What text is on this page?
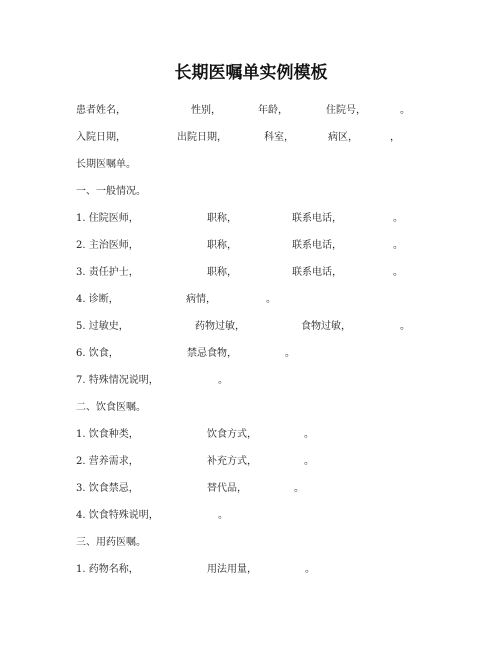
长期医嘱单实例模板
患者姓名，	性别，	年龄，	住院号，	。
入院日期，	出院日期，	科室，	病区，	，
长期医嘱单。
一、一般情况。
1. 住院医师，	职称，	联系电话，	。
2. 主治医师，	职称，	联系电话，	。
3. 责任护士，	职称，	联系电话，	。
4. 诊断，	病情，	。
5. 过敏史，	药物过敏，	食物过敏，	。
6. 饮食，	禁忌食物，	。
7. 特殊情况说明，	。
二、饮食医嘱。
1. 饮食种类，	饮食方式，	。
2. 营养需求，	补充方式，	。
3. 饮食禁忌，	替代品，	。
4. 饮食特殊说明，	。
三、用药医嘱。
1. 药物名称，	用法用量，	。
